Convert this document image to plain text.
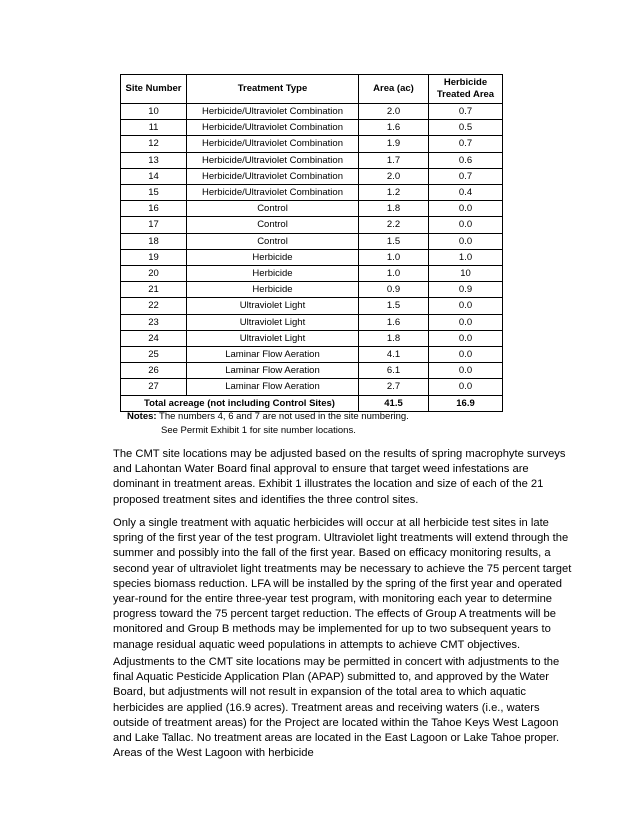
Site Number	Treatment Type	Area (ac)	Herbicide Treated Area
10	Herbicide/Ultraviolet Combination	2.0	0.7
11	Herbicide/Ultraviolet Combination	1.6	0.5
12	Herbicide/Ultraviolet Combination	1.9	0.7
13	Herbicide/Ultraviolet Combination	1.7	0.6
14	Herbicide/Ultraviolet Combination	2.0	0.7
15	Herbicide/Ultraviolet Combination	1.2	0.4
16	Control	1.8	0.0
17	Control	2.2	0.0
18	Control	1.5	0.0
19	Herbicide	1.0	1.0
20	Herbicide	1.0	10
21	Herbicide	0.9	0.9
22	Ultraviolet Light	1.5	0.0
23	Ultraviolet Light	1.6	0.0
24	Ultraviolet Light	1.8	0.0
25	Laminar Flow Aeration	4.1	0.0
26	Laminar Flow Aeration	6.1	0.0
27	Laminar Flow Aeration	2.7	0.0
Total acreage (not including Control Sites)		41.5	16.9
Notes: The numbers 4, 6 and 7 are not used in the site numbering.
See Permit Exhibit 1 for site number locations.

The CMT site locations may be adjusted based on the results of spring macrophyte surveys and Lahontan Water Board final approval to ensure that target weed infestations are dominant in treatment areas. Exhibit 1 illustrates the location and size of each of the 21 proposed treatment sites and identifies the three control sites.

Only a single treatment with aquatic herbicides will occur at all herbicide test sites in late spring of the first year of the test program. Ultraviolet light treatments will extend through the summer and possibly into the fall of the first year. Based on efficacy monitoring results, a second year of ultraviolet light treatments may be necessary to achieve the 75 percent target species biomass reduction. LFA will be installed by the spring of the first year and operated year-round for the entire three-year test program, with monitoring each year to determine progress toward the 75 percent target reduction. The effects of Group A treatments will be monitored and Group B methods may be implemented for up to two subsequent years to manage residual aquatic weed populations in attempts to achieve CMT objectives.

Adjustments to the CMT site locations may be permitted in concert with adjustments to the final Aquatic Pesticide Application Plan (APAP) submitted to, and approved by the Water Board, but adjustments will not result in expansion of the total area to which aquatic herbicides are applied (16.9 acres). Treatment areas and receiving waters (i.e., waters outside of treatment areas) for the Project are located within the Tahoe Keys West Lagoon and Lake Tallac. No treatment areas are located in the East Lagoon or Lake Tahoe proper. Areas of the West Lagoon with herbicide
